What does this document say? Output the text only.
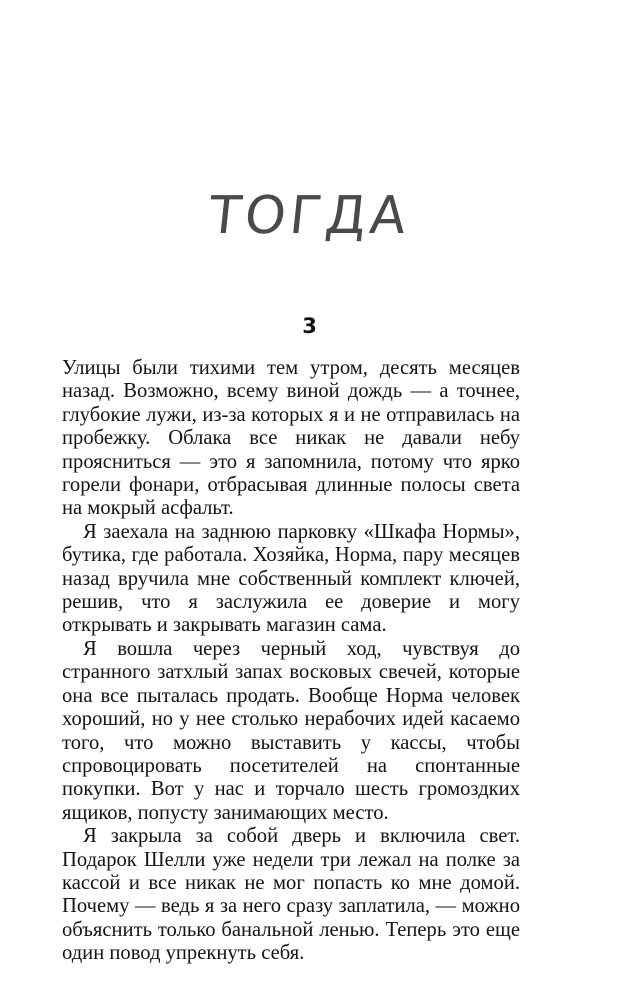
ТОГДА
3

Улицы были тихими тем утром, десять месяцев назад. Возможно, всему виной дождь — а точнее, глубокие лужи, из-за которых я и не отправилась на пробежку. Облака все никак не давали небу проясниться — это я запомнила, потому что ярко горели фонари, отбрасывая длинные полосы света на мокрый асфальт.

Я заехала на заднюю парковку «Шкафа Нормы», бутика, где работала. Хозяйка, Норма, пару месяцев назад вручила мне собственный комплект ключей, решив, что я заслужила ее доверие и могу открывать и закрывать магазин сама.

Я вошла через черный ход, чувствуя до странного затхлый запах восковых свечей, которые она все пыталась продать. Вообще Норма человек хороший, но у нее столько нерабочих идей касаемо того, что можно выставить у кассы, чтобы спровоцировать посетителей на спонтанные покупки. Вот у нас и торчало шесть громоздких ящиков, попусту занимающих место.

Я закрыла за собой дверь и включила свет. Подарок Шелли уже недели три лежал на полке за кассой и все никак не мог попасть ко мне домой. Почему — ведь я за него сразу заплатила, — можно объяснить только банальной ленью. Теперь это еще один повод упрекнуть себя.
